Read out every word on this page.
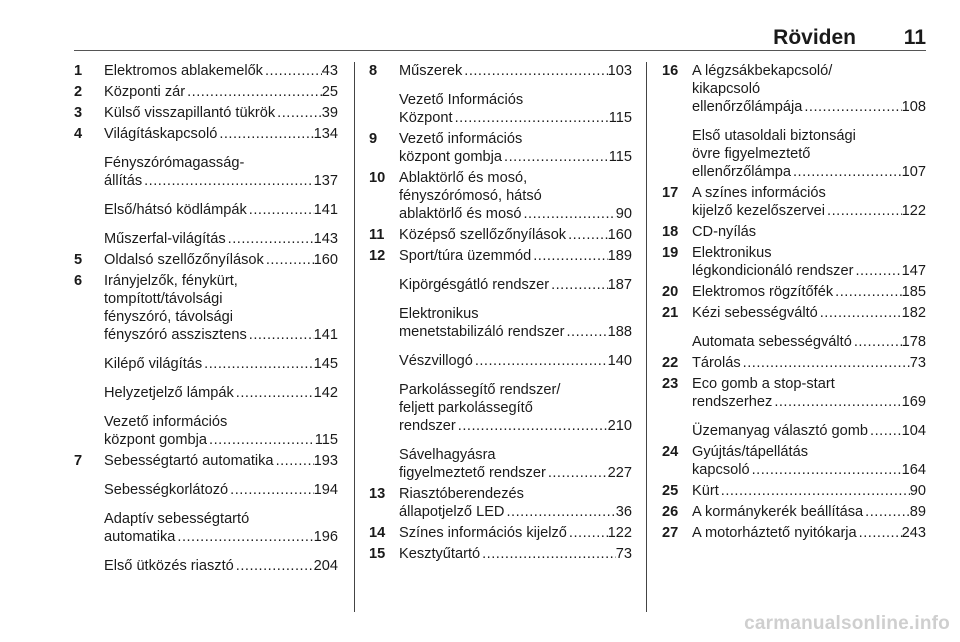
Röviden 11
1	Elektromos ablakemelők .....	43
2	Központi zár .....	25
3	Külső visszapillantó tükrök .....	39
4	Világításkapcsoló .....	134
Fényszórómagasság-
állítás .....	137
Első/hátsó ködlámpák .....	141
Műszerfal-világítás .....	143
5	Oldalsó szellőzőnyílások .....	160
6	Irányjelzők, fénykürt,
tompított/távolsági
fényszóró, távolsági
fényszóró asszisztens .....	141
Kilépő világítás .....	145
Helyzetjelző lámpák .....	142
Vezető információs
központ gombja .....	115
7	Sebességtartó automatika .....	193
Sebességkorlátozó .....	194
Adaptív sebességtartó
automatika .....	196
Első ütközés riasztó .....	204
8	Műszerek .....	103
Vezető Információs
Központ .....	115
9	Vezető információs
központ gombja .....	115
10 Ablaktörlő és mosó,
fényszórómosó, hátsó
ablaktörlő és mosó .....	90
11 Középső szellőzőnyílások .....	160
12 Sport/túra üzemmód .....	189
Kipörgésgátló rendszer .....	187
Elektronikus
menetstabilizáló rendszer .....	188
Vészvillogó .....	140
Parkolássegítő rendszer/
feljett parkolássegítő
rendszer .....	210
Sávelhagyásra
figyelmeztető rendszer .....	227
13 Riasztóberendezés
állapotjelző LED .....	36
14 Színes információs kijelző .....	122
15 Kesztyűtartó .....	73
16 A légzsákbekapcsoló/
kikapcsoló
ellenőrzőlámpája .....	108
Első utasoldali biztonsági
övre figyelmeztető
ellenőrzőlámpa .....	107
17 A színes információs
kijelző kezelőszervei .....	122
18 CD-nyílás
19 Elektronikus
légkondicionáló rendszer .....	147
20 Elektromos rögzítőfék .....	185
21 Kézi sebességváltó .....	182
Automata sebességváltó .....	178
22 Tárolás .....	73
23 Eco gomb a stop-start
rendszerhez .....	169
Üzemanyag választó gomb ..... 104
24 Gyújtás/tápellátás
kapcsoló .....	164
25 Kürt .....	90
26 A kormánykerék beállítása .....	89
27 A motorháztető nyitókarja .....	243
carmanualsonline.info
